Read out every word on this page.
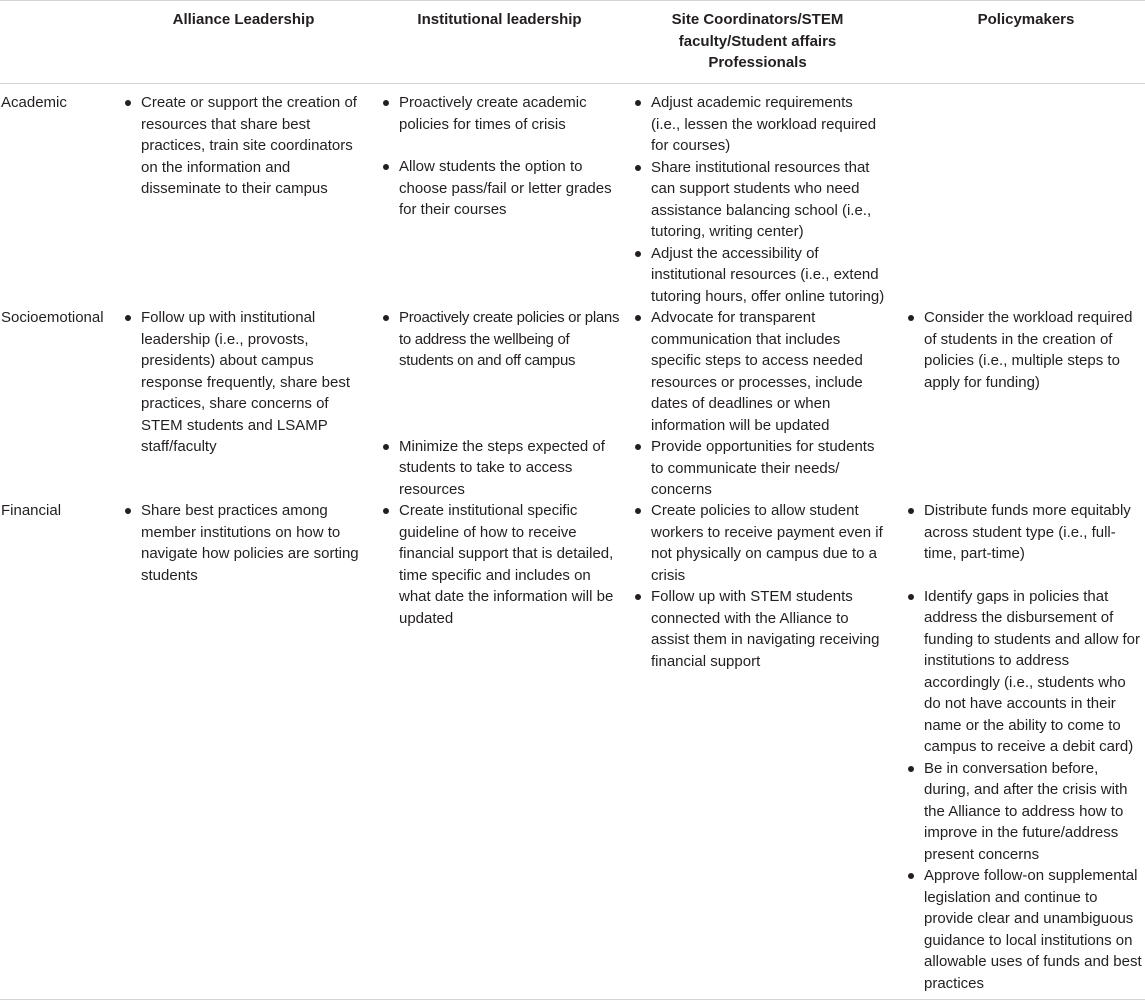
Alliance Leadership	Institutional leadership	Site Coordinators/STEM faculty/Student affairs Professionals
Policymakers
Academic
Socioemotional
Financial
Create or support the creation of resources that share best practices, train site coordinators on the information and disseminate to their campus
Proactively create academic policies for times of crisis
Allow students the option to choose pass/fail or letter grades for their courses
Adjust academic requirements (i.e., lessen the workload required for courses)
Share institutional resources that can support students who need assistance balancing school (i.e., tutoring, writing center)
Adjust the accessibility of institutional resources (i.e., extend tutoring hours, offer online tutoring)
Follow up with institutional leadership (i.e., provosts, presidents) about campus response frequently, share best practices, share concerns of STEM students and LSAMP staff/faculty
Proactively create policies or plans to address the wellbeing of students on and off campus
Minimize the steps expected of students to take to access resources
Advocate for transparent communication that includes specific steps to access needed resources or processes, include dates of deadlines or when information will be updated
Provide opportunities for students to communicate their needs/ concerns
Consider the workload required of students in the creation of policies (i.e., multiple steps to apply for funding)
Share best practices among member institutions on how to navigate how policies are sorting students
Create institutional specific guideline of how to receive financial support that is detailed, time specific and includes on what date the information will be updated
Create policies to allow student workers to receive payment even if not physically on campus due to a crisis
Follow up with STEM students connected with the Alliance to assist them in navigating receiving financial support
Distribute funds more equitably across student type (i.e., full-time, part-time)
Identify gaps in policies that address the disbursement of funding to students and allow for institutions to address accordingly (i.e., students who do not have accounts in their name or the ability to come to campus to receive a debit card)
Be in conversation before, during, and after the crisis with the Alliance to address how to improve in the future/address present concerns
Approve follow-on supplemental legislation and continue to provide clear and unambiguous guidance to local institutions on allowable uses of funds and best practices
